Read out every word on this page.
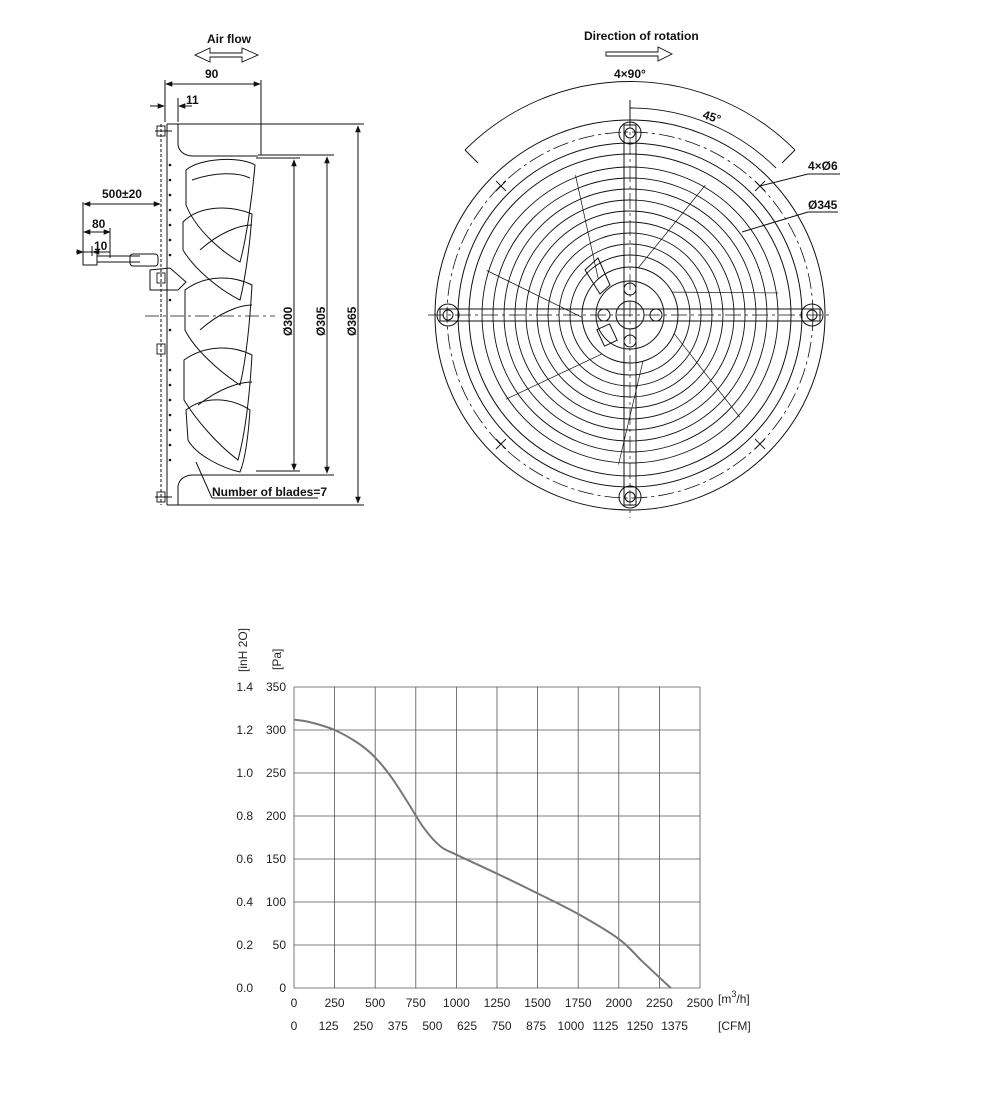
Air flow
90
11
500±20
80
10
Ø300 Ø305 Ø365
Number of blades=7
Direction of rotation
4×90°
45°
4×Ø6
Ø345
[inH 2O] [Pa]
0
0.0
50
0.2
100
0.4
150
0.6
200
0.8
250
1.0
300
1.2
350
1.4
0 250 500 750 1000 1250 1500 1750 2000 2250 2500
0 125 250 375 500 625 750 875 1000 1125 1250 1375
$[m^3/h]$
[CFM]
